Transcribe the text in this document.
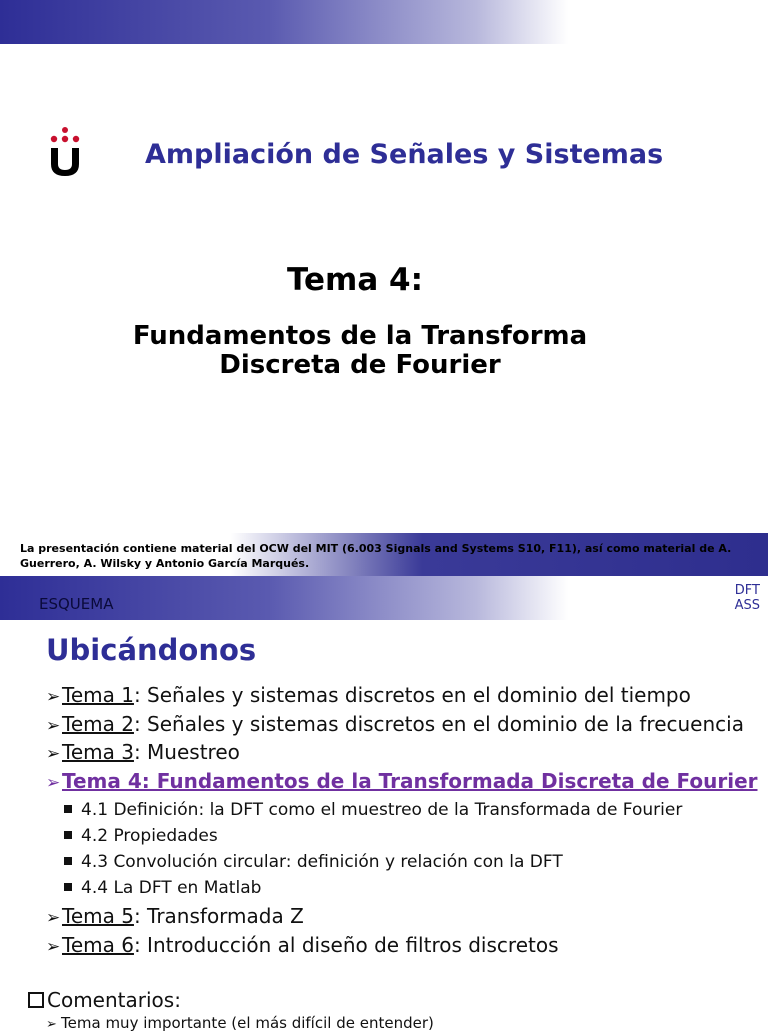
Ampliación de Señales y Sistemas
Tema 4:
Fundamentos de la Transforma
Discreta de Fourier
La presentación contiene material del OCW del MIT (6.003 Signals and Systems S10, F11), así como material de A.
Guerrero, A. Wilsky y Antonio García Marqués.
ESQUEMA
DFT
ASS
Ubicándonos
➢Tema 1: Señales y sistemas discretos en el dominio del tiempo
➢Tema 2: Señales y sistemas discretos en el dominio de la frecuencia
➢Tema 3: Muestreo
➢Tema 4: Fundamentos de la Transformada Discreta de Fourier
4.1 Definición: la DFT como el muestreo de la Transformada de Fourier
4.2 Propiedades
4.3 Convolución circular: definición y relación con la DFT
4.4 La DFT en Matlab
➢Tema 5: Transformada Z
➢Tema 6: Introducción al diseño de filtros discretos
Comentarios:
➢ Tema muy importante (el más difícil de entender)
